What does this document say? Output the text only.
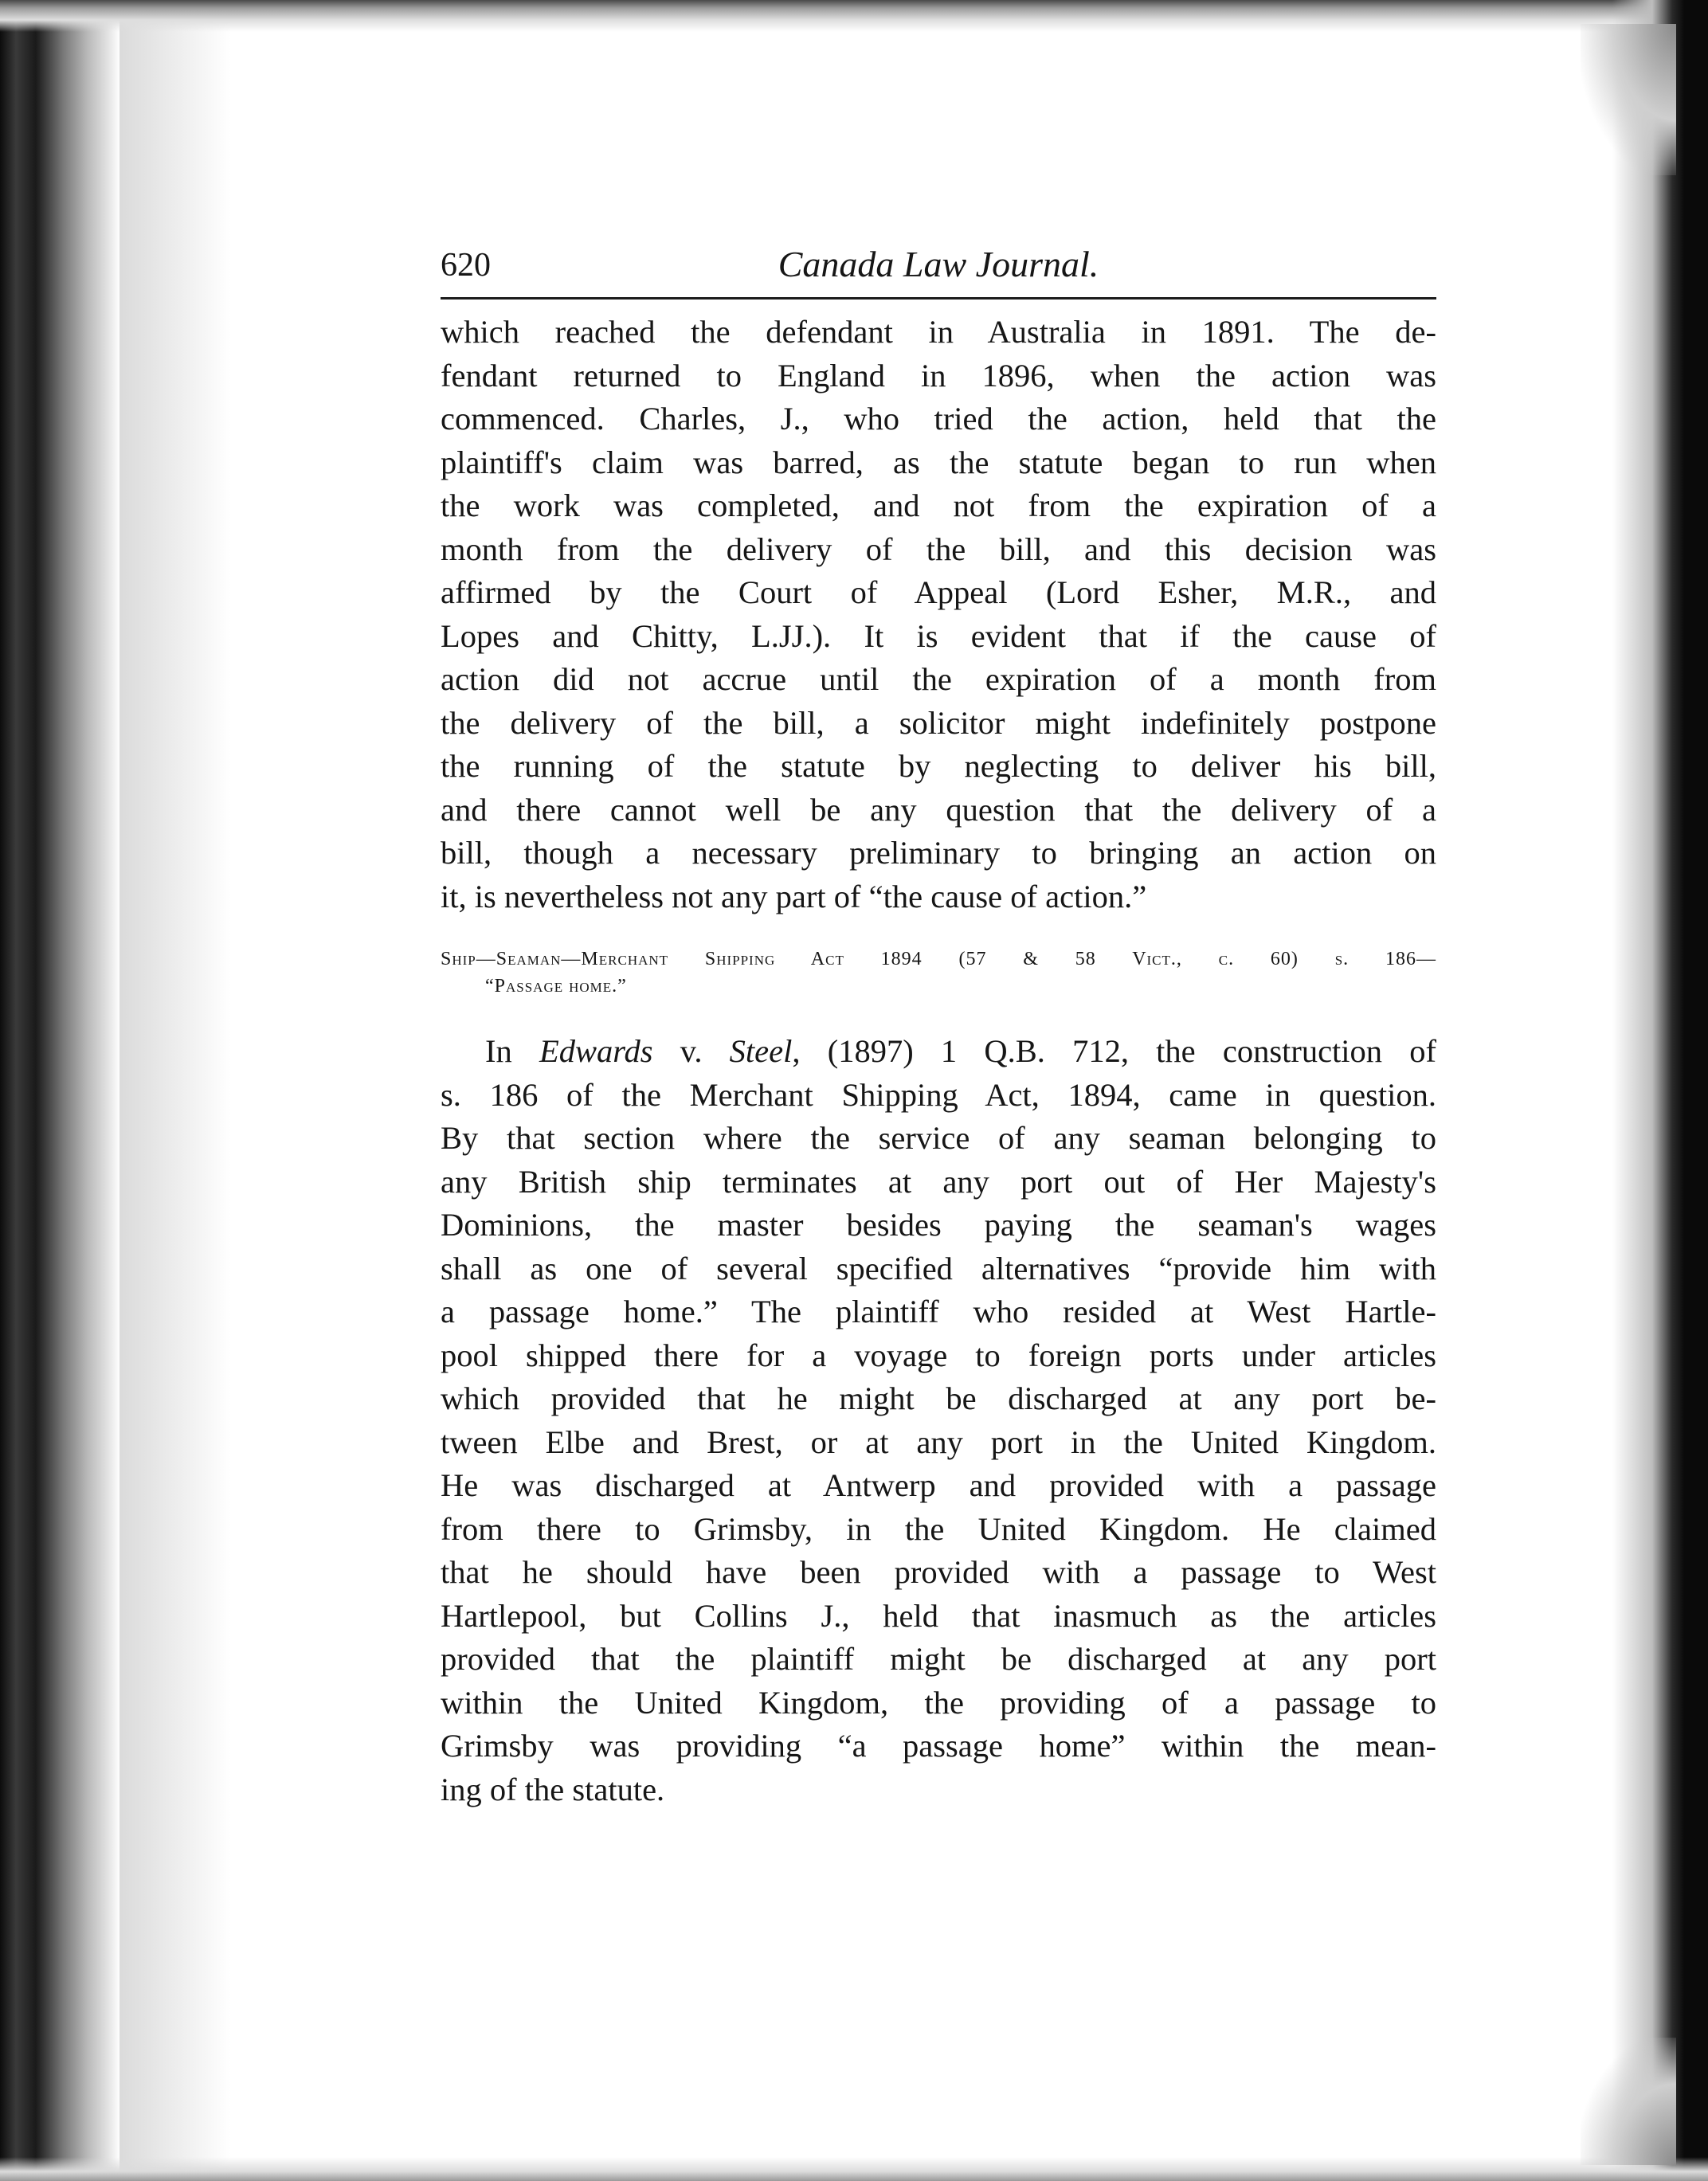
620	Canada Law Journal.
which reached the defendant in Australia in 1891. The de-
fendant returned to England in 1896, when the action was
commenced. Charles, J., who tried the action, held that the
plaintiff's claim was barred, as the statute began to run when
the work was completed, and not from the expiration of a
month from the delivery of the bill, and this decision was
affirmed by the Court of Appeal (Lord Esher, M.R., and
Lopes and Chitty, L.JJ.). It is evident that if the cause of
action did not accrue until the expiration of a month from
the delivery of the bill, a solicitor might indefinitely postpone
the running of the statute by neglecting to deliver his bill,
and there cannot well be any question that the delivery of a
bill, though a necessary preliminary to bringing an action on
it, is nevertheless not any part of “the cause of action.”
Ship—Seaman—Merchant Shipping Act 1894 (57 & 58 Vict., c. 60) s. 186—
“Passage home.”
In Edwards v. Steel, (1897) 1 Q.B. 712, the construction of
s. 186 of the Merchant Shipping Act, 1894, came in question.
By that section where the service of any seaman belonging to
any British ship terminates at any port out of Her Majesty's
Dominions, the master besides paying the seaman's wages
shall as one of several specified alternatives “provide him with
a passage home.” The plaintiff who resided at West Hartle-
pool shipped there for a voyage to foreign ports under articles
which provided that he might be discharged at any port be-
tween Elbe and Brest, or at any port in the United Kingdom.
He was discharged at Antwerp and provided with a passage
from there to Grimsby, in the United Kingdom. He claimed
that he should have been provided with a passage to West
Hartlepool, but Collins J., held that inasmuch as the articles
provided that the plaintiff might be discharged at any port
within the United Kingdom, the providing of a passage to
Grimsby was providing “a passage home” within the mean-
ing of the statute.
